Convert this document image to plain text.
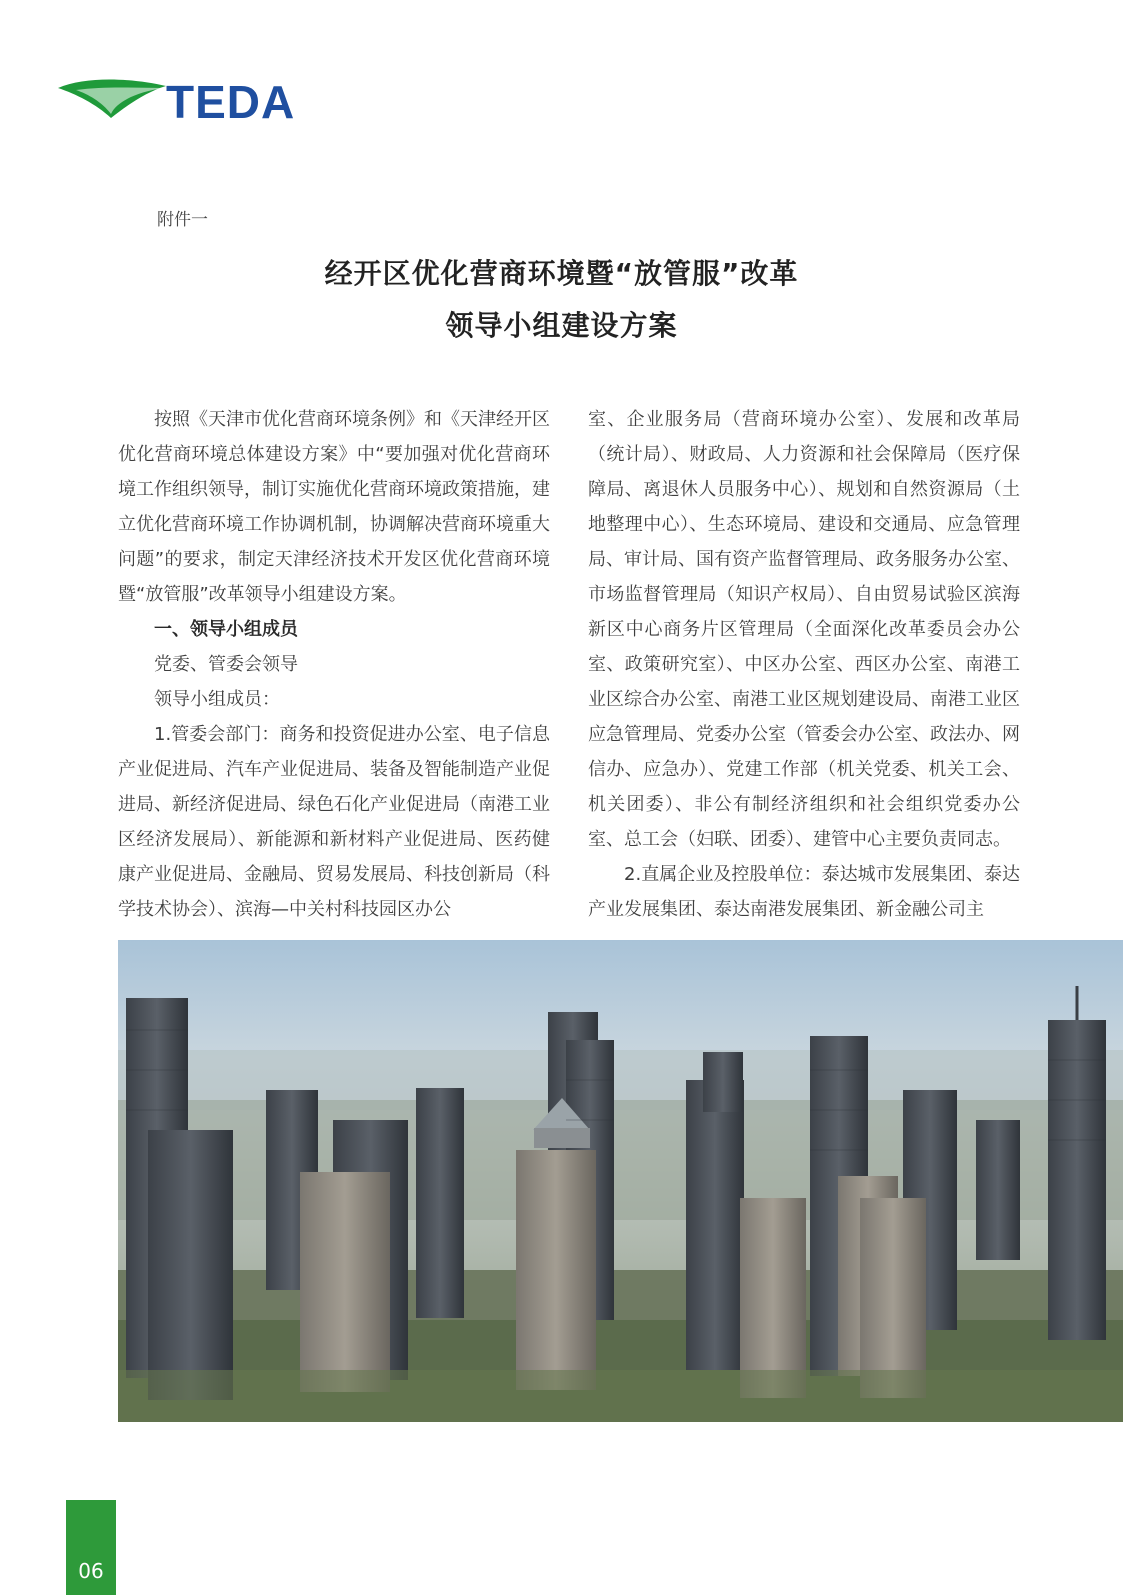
TEDA
附件一
经开区优化营商环境暨“放管服”改革
领导小组建设方案

按照《天津市优化营商环境条例》和《天津经开区优化营商环境总体建设方案》中“要加强对优化营商环境工作组织领导，制订实施优化营商环境政策措施，建立优化营商环境工作协调机制，协调解决营商环境重大问题”的要求，制定天津经济技术开发区优化营商环境暨“放管服”改革领导小组建设方案。

一、领导小组成员

党委、管委会领导

领导小组成员：

1.管委会部门：商务和投资促进办公室、电子信息产业促进局、汽车产业促进局、装备及智能制造产业促进局、新经济促进局、绿色石化产业促进局（南港工业区经济发展局）、新能源和新材料产业促进局、医药健康产业促进局、金融局、贸易发展局、科技创新局（科学技术协会）、滨海—中关村科技园区办公

室、企业服务局（营商环境办公室）、发展和改革局（统计局）、财政局、人力资源和社会保障局（医疗保障局、离退休人员服务中心）、规划和自然资源局（土地整理中心）、生态环境局、建设和交通局、应急管理局、审计局、国有资产监督管理局、政务服务办公室、市场监督管理局（知识产权局）、自由贸易试验区滨海新区中心商务片区管理局（全面深化改革委员会办公室、政策研究室）、中区办公室、西区办公室、南港工业区综合办公室、南港工业区规划建设局、南港工业区应急管理局、党委办公室（管委会办公室、政法办、网信办、应急办）、党建工作部（机关党委、机关工会、机关团委）、非公有制经济组织和社会组织党委办公室、总工会（妇联、团委）、建管中心主要负责同志。

2.直属企业及控股单位：泰达城市发展集团、泰达产业发展集团、泰达南港发展集团、新金融公司主

06
